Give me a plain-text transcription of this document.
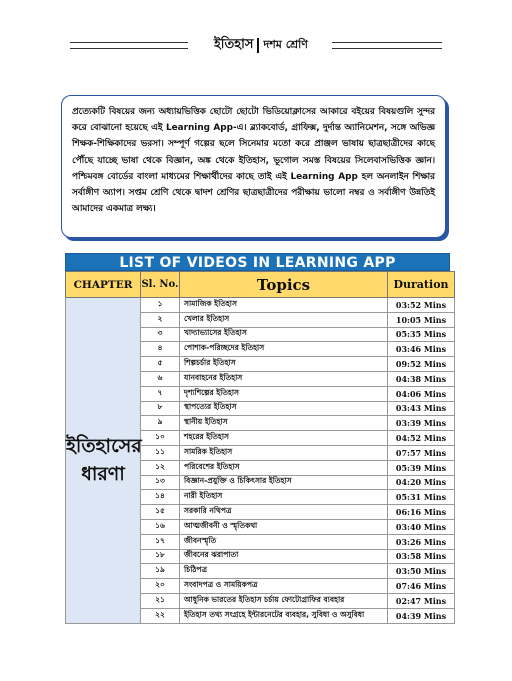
ইতিহাস দশম শ্রেণি

প্রত্যেকটি বিষয়ের জন্য অধ্যায়ভিত্তিক ছোটো ছোটো ভিডিয়োক্লাসের আকারে বইয়ের বিষয়গুলি সুন্দর করে বোঝানো হয়েছে এই Learning App-এ। ব্ল্যাকবোর্ড, গ্রাফিক্স, দুর্দান্ত অ্যানিমেশন, সঙ্গে অভিজ্ঞ শিক্ষক-শিক্ষিকাদের ভরসা। সম্পূর্ণ গল্পের ছলে সিনেমার মতো করে প্রাঞ্জল ভাষায় ছাত্রছাত্রীদের কাছে পৌঁছে যাচ্ছে ভাষা থেকে বিজ্ঞান, অঙ্ক থেকে ইতিহাস, ভূগোল সমস্ত বিষয়ের সিলেবাসভিত্তিক জ্ঞান। পশ্চিমবঙ্গ বোর্ডের বাংলা মাধ্যমের শিক্ষার্থীদের কাছে তাই এই Learning App হল অনলাইন শিক্ষার সর্বাঙ্গীণ অ্যাপ। সপ্তম শ্রেণি থেকে দ্বাদশ শ্রেণির ছাত্রছাত্রীদের পরীক্ষায় ভালো নম্বর ও সর্বাঙ্গীণ উন্নতিই আমাদের একমাত্র লক্ষ্য।

LIST OF VIDEOS IN LEARNING APP
CHAPTER	Sl. No.	Topics	Duration
ইতিহাসের ধারণা	১	সামাজিক ইতিহাস	03:52 Mins
	২	খেলার ইতিহাস	10:05 Mins
	৩	খাদ্যাভ্যাসের ইতিহাস	05:35 Mins
	৪	পোশাক-পরিচ্ছদের ইতিহাস	03:46 Mins
	৫	শিল্পচর্চার ইতিহাস	09:52 Mins
	৬	যানবাহনের ইতিহাস	04:38 Mins
	৭	দৃশ্যশিল্পের ইতিহাস	04:06 Mins
	৮	স্থাপত্যের ইতিহাস	03:43 Mins
	৯	স্থানীয় ইতিহাস	03:39 Mins
	১০	শহরের ইতিহাস	04:52 Mins
	১১	সামরিক ইতিহাস	07:57 Mins
	১২	পরিবেশের ইতিহাস	05:39 Mins
	১৩	বিজ্ঞান-প্রযুক্তি ও চিকিৎসার ইতিহাস	04:20 Mins
	১৪	নারী ইতিহাস	05:31 Mins
	১৫	সরকারি নথিপত্র	06:16 Mins
	১৬	আত্মজীবনী ও স্মৃতিকথা	03:40 Mins
	১৭	জীবনস্মৃতি	03:26 Mins
	১৮	জীবনের ঝরাপাতা	03:58 Mins
	১৯	চিঠিপত্র	03:50 Mins
	২০	সংবাদপত্র ও সাময়িকপত্র	07:46 Mins
	২১	আধুনিক ভারতের ইতিহাস চর্চায় ফোটোগ্রাফির ব্যবহার	02:47 Mins
	২২	ইতিহাস তথ্য সংগ্রহে ইন্টারনেটের ব্যবহার, সুবিধা ও অসুবিধা	04:39 Mins
